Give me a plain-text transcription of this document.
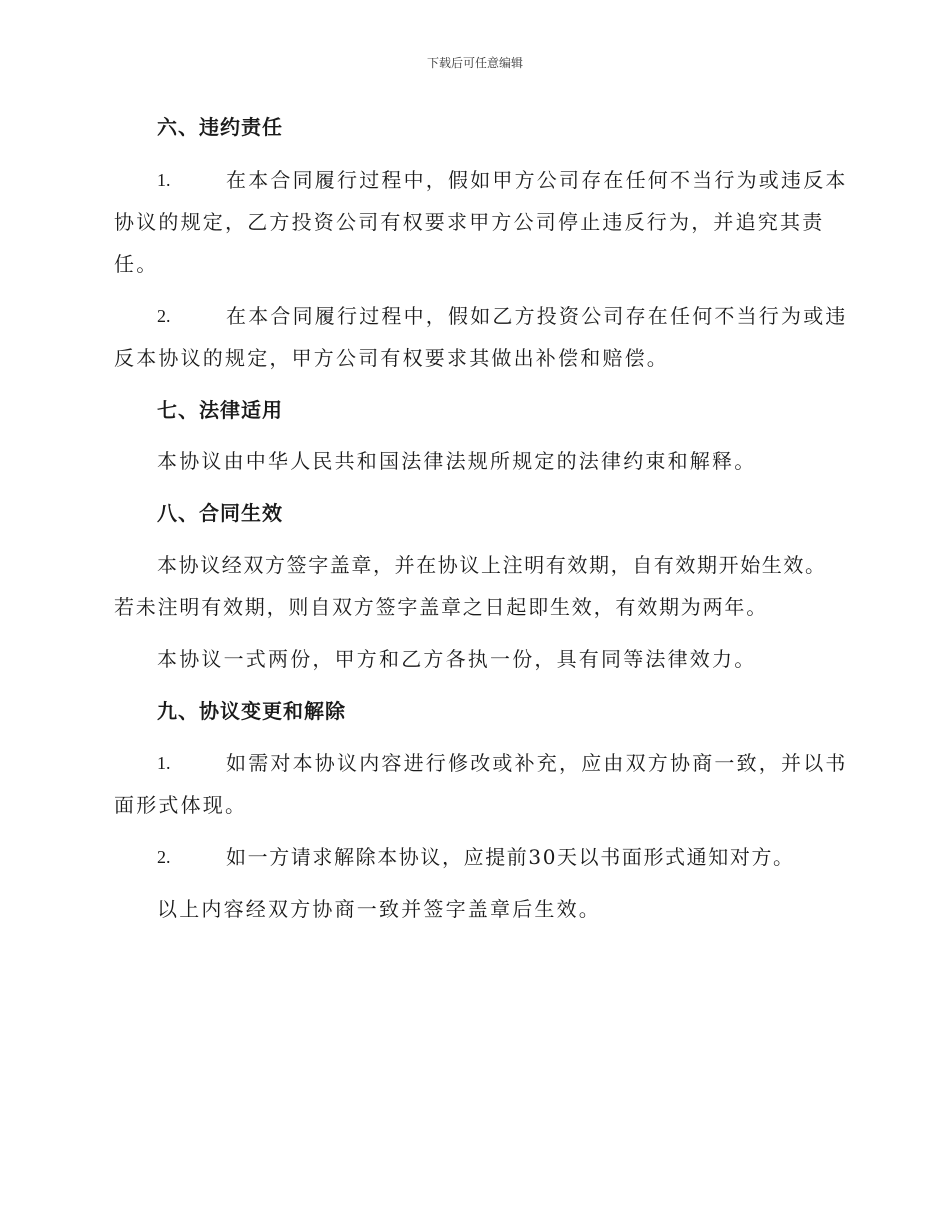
下载后可任意编辑
六、违约责任
1.	在本合同履行过程中，假如甲方公司存在任何不当行为或违反本
协议的规定，乙方投资公司有权要求甲方公司停止违反行为，并追究其责
任。
2.	在本合同履行过程中，假如乙方投资公司存在任何不当行为或违
反本协议的规定，甲方公司有权要求其做出补偿和赔偿。
七、法律适用
本协议由中华人民共和国法律法规所规定的法律约束和解释。
八、合同生效
本协议经双方签字盖章，并在协议上注明有效期，自有效期开始生效。
若未注明有效期，则自双方签字盖章之日起即生效，有效期为两年。
本协议一式两份，甲方和乙方各执一份，具有同等法律效力。
九、协议变更和解除
1.	如需对本协议内容进行修改或补充，应由双方协商一致，并以书
面形式体现。
2.	如一方请求解除本协议，应提前30天以书面形式通知对方。
以上内容经双方协商一致并签字盖章后生效。
